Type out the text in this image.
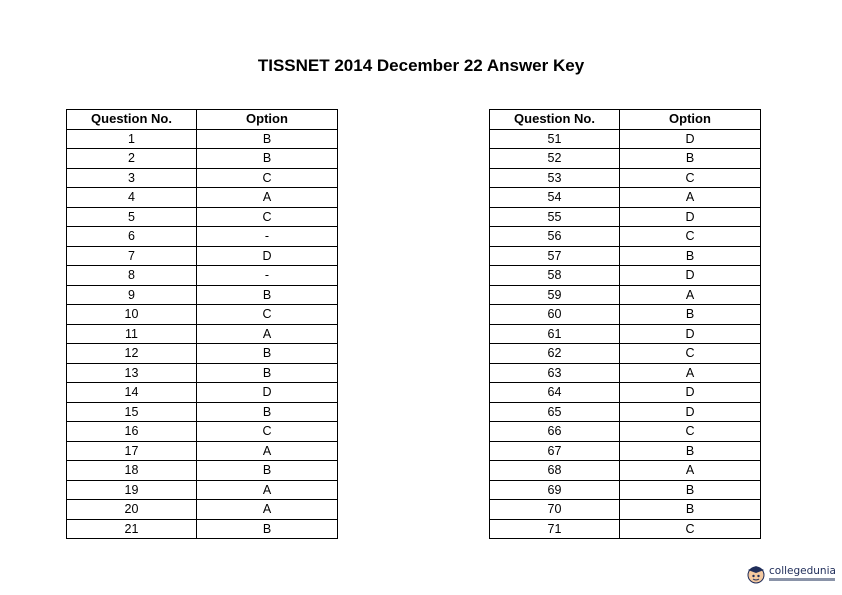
TISSNET 2014 December 22 Answer Key
Question No.	Option
1	B
2	B
3	C
4	A
5	C
6	-
7	D
8	-
9	B
10	C
11	A
12	B
13	B
14	D
15	B
16	C
17	A
18	B
19	A
20	A
21	B
Question No.	Option
51	D
52	B
53	C
54	A
55	D
56	C
57	B
58	D
59	A
60	B
61	D
62	C
63	A
64	D
65	D
66	C
67	B
68	A
69	B
70	B
71	C
collegedunia
